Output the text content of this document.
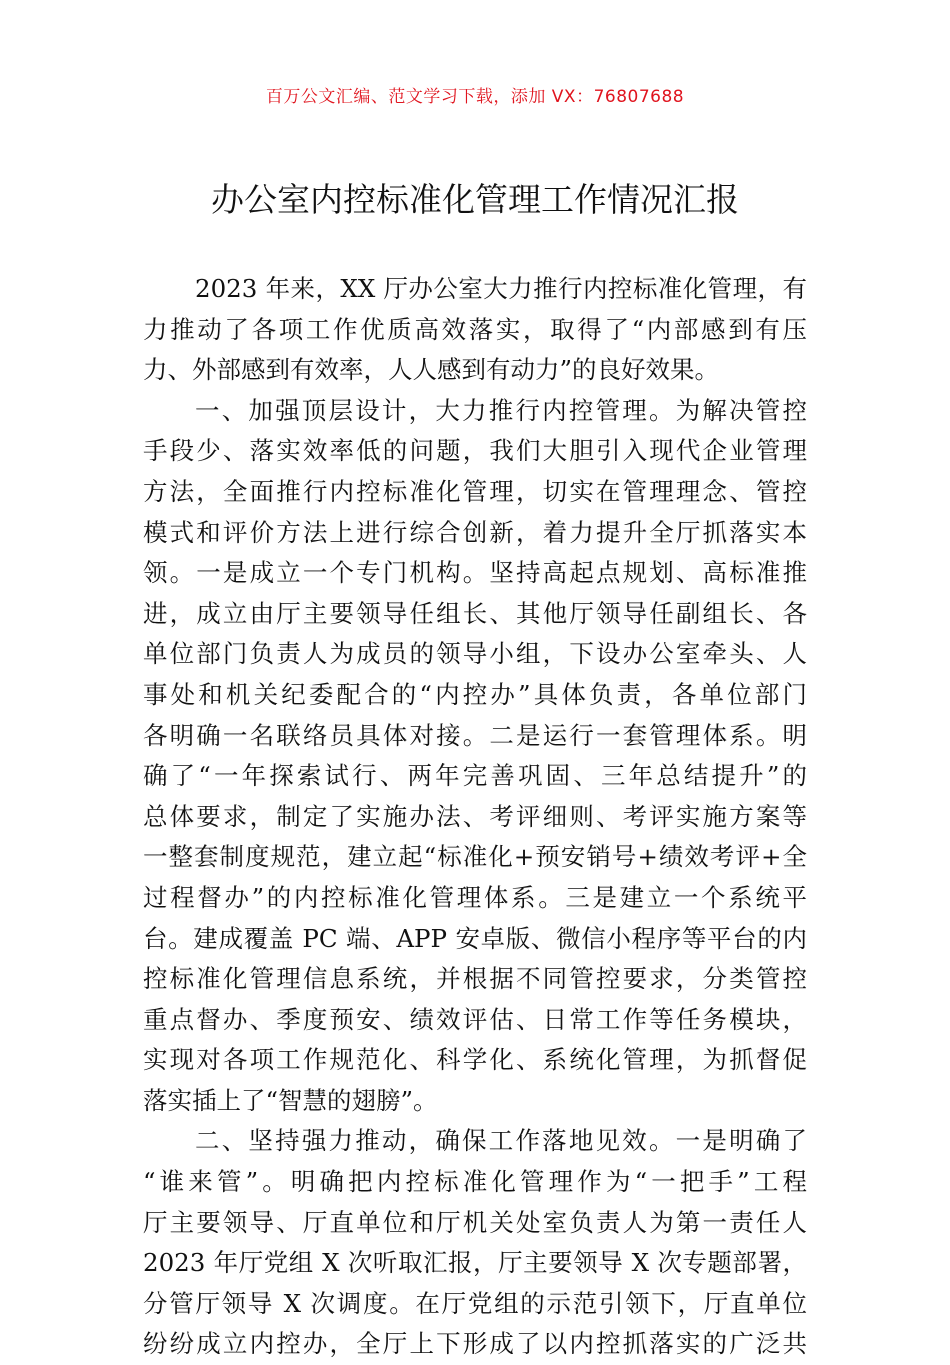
百万公文汇编、范文学习下载，添加 VX：76807688
办公室内控标准化管理工作情况汇报
2023 年来，XX 厅办公室大力推行内控标准化管理，有
力推动了各项工作优质高效落实，取得了“内部感到有压
力、外部感到有效率，人人感到有动力”的良好效果。
一、加强顶层设计，大力推行内控管理。为解决管控
手段少、落实效率低的问题，我们大胆引入现代企业管理
方法，全面推行内控标准化管理，切实在管理理念、管控
模式和评价方法上进行综合创新，着力提升全厅抓落实本
领。一是成立一个专门机构。坚持高起点规划、高标准推
进，成立由厅主要领导任组长、其他厅领导任副组长、各
单位部门负责人为成员的领导小组，下设办公室牵头、人
事处和机关纪委配合的“内控办”具体负责，各单位部门
各明确一名联络员具体对接。二是运行一套管理体系。明
确了“一年探索试行、两年完善巩固、三年总结提升”的
总体要求，制定了实施办法、考评细则、考评实施方案等
一整套制度规范，建立起“标准化+预安销号+绩效考评+全
过程督办”的内控标准化管理体系。三是建立一个系统平
台。建成覆盖 PC 端、APP 安卓版、微信小程序等平台的内
控标准化管理信息系统，并根据不同管控要求，分类管控
重点督办、季度预安、绩效评估、日常工作等任务模块，
实现对各项工作规范化、科学化、系统化管理，为抓督促
落实插上了“智慧的翅膀”。
二、坚持强力推动，确保工作落地见效。一是明确了
“谁来管”。明确把内控标准化管理作为“一把手”工程
厅主要领导、厅直单位和厅机关处室负责人为第一责任人
2023 年厅党组 X 次听取汇报，厅主要领导 X 次专题部署，
分管厅领导 X 次调度。在厅党组的示范引领下，厅直单位
纷纷成立内控办，全厅上下形成了以内控抓落实的广泛共
